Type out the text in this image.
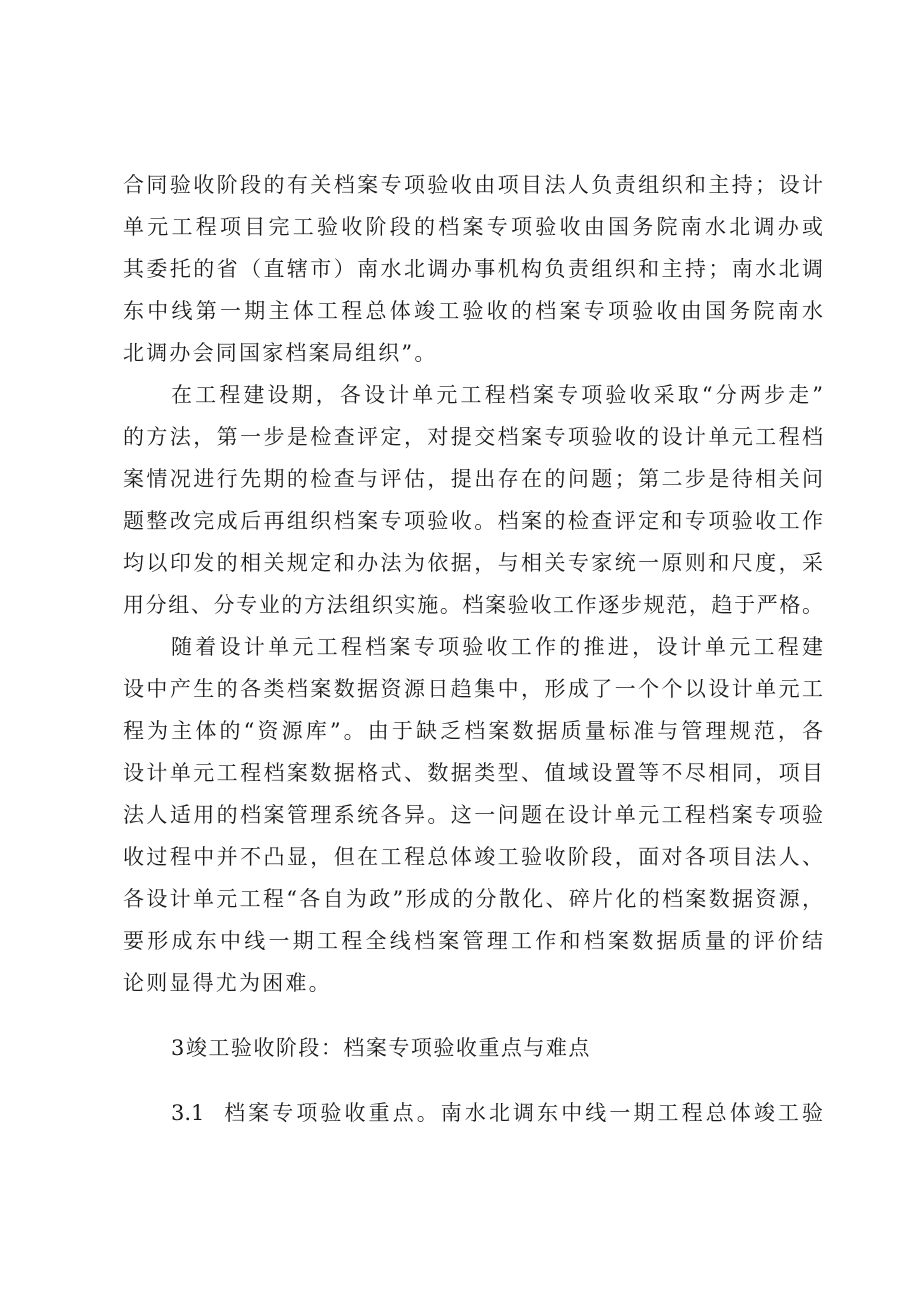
合同验收阶段的有关档案专项验收由项目法人负责组织和主持；设计
单元工程项目完工验收阶段的档案专项验收由国务院南水北调办或
其委托的省（直辖市）南水北调办事机构负责组织和主持；南水北调
东中线第一期主体工程总体竣工验收的档案专项验收由国务院南水
北调办会同国家档案局组织”。
在工程建设期，各设计单元工程档案专项验收采取“分两步走”
的方法，第一步是检查评定，对提交档案专项验收的设计单元工程档
案情况进行先期的检查与评估，提出存在的问题；第二步是待相关问
题整改完成后再组织档案专项验收。档案的检查评定和专项验收工作
均以印发的相关规定和办法为依据，与相关专家统一原则和尺度，采
用分组、分专业的方法组织实施。档案验收工作逐步规范，趋于严格。
随着设计单元工程档案专项验收工作的推进，设计单元工程建
设中产生的各类档案数据资源日趋集中，形成了一个个以设计单元工
程为主体的“资源库”。由于缺乏档案数据质量标准与管理规范，各
设计单元工程档案数据格式、数据类型、值域设置等不尽相同，项目
法人适用的档案管理系统各异。这一问题在设计单元工程档案专项验
收过程中并不凸显，但在工程总体竣工验收阶段，面对各项目法人、
各设计单元工程“各自为政”形成的分散化、碎片化的档案数据资源，
要形成东中线一期工程全线档案管理工作和档案数据质量的评价结
论则显得尤为困难。
3竣工验收阶段：档案专项验收重点与难点
3.1 档案专项验收重点。南水北调东中线一期工程总体竣工验
